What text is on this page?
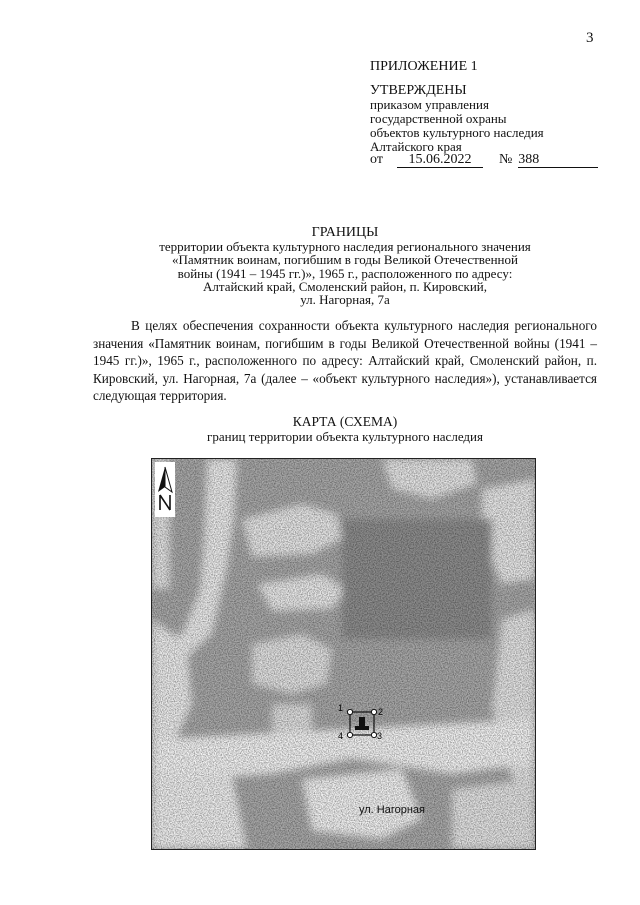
3
ПРИЛОЖЕНИЕ 1
УТВЕРЖДЕНЫ
приказом управления
государственной охраны
объектов культурного наследия
Алтайского края
от 15.06.2022 № 388
ГРАНИЦЫ
территории объекта культурного наследия регионального значения
«Памятник воинам, погибшим в годы Великой Отечественной
войны (1941 – 1945 гг.)», 1965 г., расположенного по адресу:
Алтайский край, Смоленский район, п. Кировский,
ул. Нагорная, 7а
В целях обеспечения сохранности объекта культурного наследия регионального значения «Памятник воинам, погибшим в годы Великой Отечественной войны (1941 – 1945 гг.)», 1965 г., расположенного по адресу: Алтайский край, Смоленский район, п. Кировский, ул. Нагорная, 7а (далее – «объект культурного наследия»), устанавливается следующая территория.
КАРТА (СХЕМА)
границ территории объекта культурного наследия
1	2
3
4
ул. Нагорная
